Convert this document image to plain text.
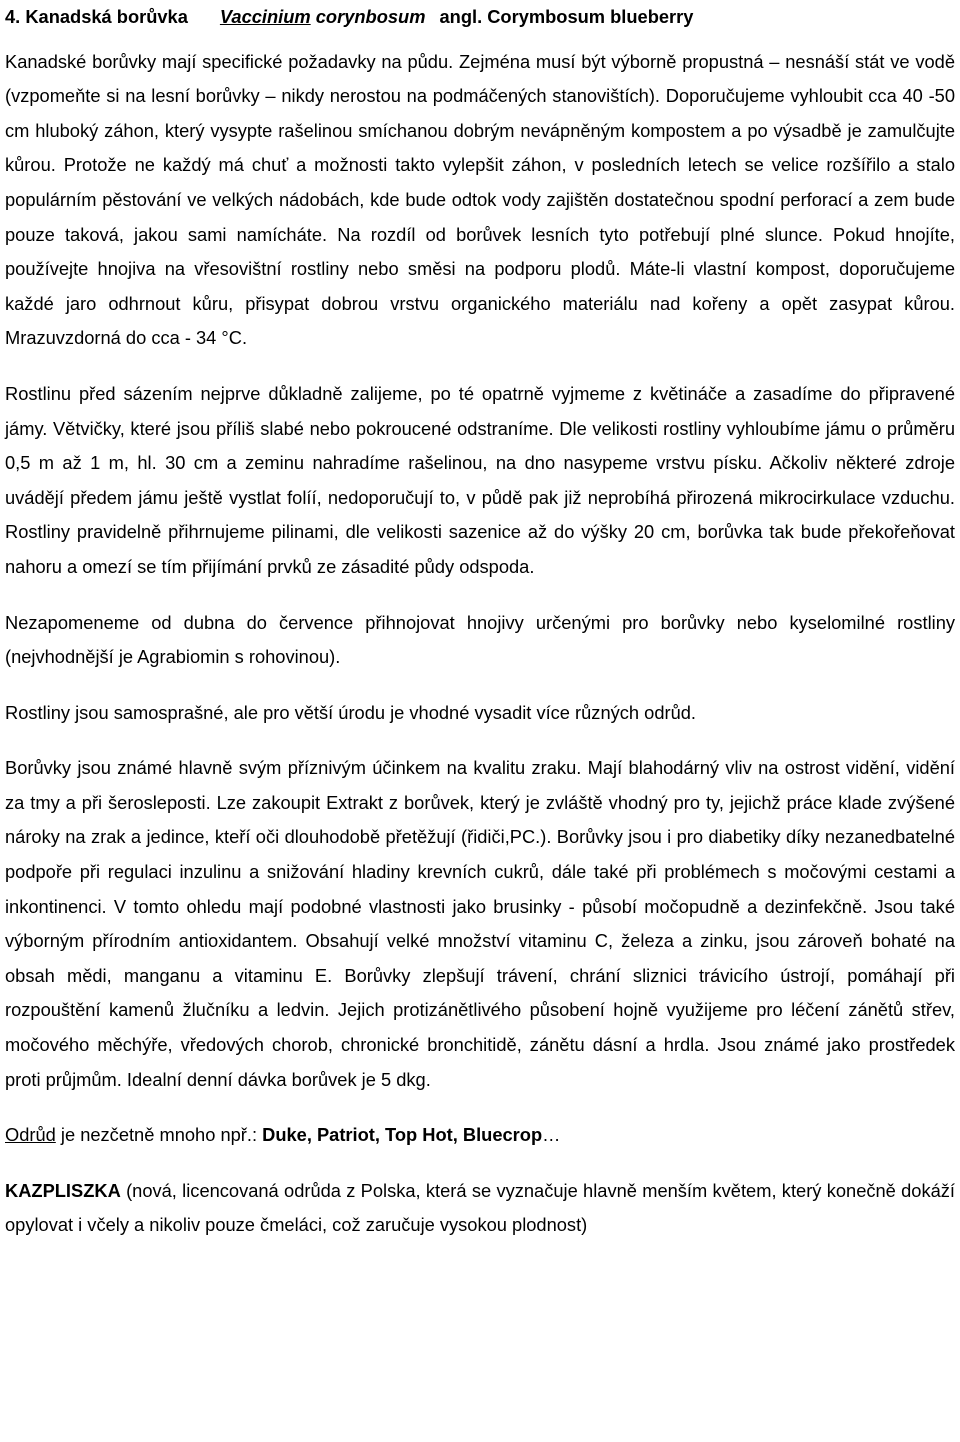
4. Kanadská borůvka Vaccinium corynbosum angl. Corymbosum blueberry

Kanadské borůvky mají specifické požadavky na půdu. Zejména musí být výborně propustná – nesnáší stát ve vodě (vzpomeňte si na lesní borůvky – nikdy nerostou na podmáčených stanovištích). Doporučujeme vyhloubit cca 40 -50 cm hluboký záhon, který vysypte rašelinou smíchanou dobrým nevápněným kompostem a po výsadbě je zamulčujte kůrou. Protože ne každý má chuť a možnosti takto vylepšit záhon, v posledních letech se velice rozšířilo a stalo populárním pěstování ve velkých nádobách, kde bude odtok vody zajištěn dostatečnou spodní perforací a zem bude pouze taková, jakou sami namícháte. Na rozdíl od borůvek lesních tyto potřebují plné slunce. Pokud hnojíte, používejte hnojiva na vřesovištní rostliny nebo směsi na podporu plodů. Máte-li vlastní kompost, doporučujeme každé jaro odhrnout kůru, přisypat dobrou vrstvu organického materiálu nad kořeny a opět zasypat kůrou. Mrazuvzdorná do cca - 34 °C.

Rostlinu před sázením nejprve důkladně zalijeme, po té opatrně vyjmeme z květináče a zasadíme do připravené jámy. Větvičky, které jsou příliš slabé nebo pokroucené odstraníme. Dle velikosti rostliny vyhloubíme jámu o průměru 0,5 m až 1 m, hl. 30 cm a zeminu nahradíme rašelinou, na dno nasypeme vrstvu písku. Ačkoliv některé zdroje uvádějí předem jámu ještě vystlat folíí, nedoporučují to, v půdě pak již neprobíhá přirozená mikrocirkulace vzduchu. Rostliny pravidelně přihrnujeme pilinami, dle velikosti sazenice až do výšky 20 cm, borůvka tak bude překořeňovat nahoru a omezí se tím přijímání prvků ze zásadité půdy odspoda.

Nezapomeneme od dubna do července přihnojovat hnojivy určenými pro borůvky nebo kyselomilné rostliny (nejvhodnější je Agrabiomin s rohovinou).

Rostliny jsou samosprašné, ale pro větší úrodu je vhodné vysadit více různých odrůd.

Borůvky jsou známé hlavně svým příznivým účinkem na kvalitu zraku. Mají blahodárný vliv na ostrost vidění, vidění za tmy a při šerosleposti. Lze zakoupit Extrakt z borůvek, který je zvláště vhodný pro ty, jejichž práce klade zvýšené nároky na zrak a jedince, kteří oči dlouhodobě přetěžují (řidiči,PC.). Borůvky jsou i pro diabetiky díky nezanedbatelné podpoře při regulaci inzulinu a snižování hladiny krevních cukrů, dále také při problémech s močovými cestami a inkontinenci. V tomto ohledu mají podobné vlastnosti jako brusinky - působí močopudně a dezinfekčně. Jsou také výborným přírodním antioxidantem. Obsahují velké množství vitaminu C, železa a zinku, jsou zároveň bohaté na obsah mědi, manganu a vitaminu E. Borůvky zlepšují trávení, chrání sliznici trávicího ústrojí, pomáhají při rozpouštění kamenů žlučníku a ledvin. Jejich protizánětlivého působení hojně využijeme pro léčení zánětů střev, močového měchýře, vředových chorob, chronické bronchitidě, zánětu dásní a hrdla. Jsou známé jako prostředek proti průjmům. Idealní denní dávka borůvek je 5 dkg.

Odrůd je nezčetně mnoho npř.: Duke, Patriot, Top Hot, Bluecrop…

KAZPLISZKA (nová, licencovaná odrůda z Polska, která se vyznačuje hlavně menším květem, který konečně dokáží opylovat i včely a nikoliv pouze čmeláci, což zaručuje vysokou plodnost)
